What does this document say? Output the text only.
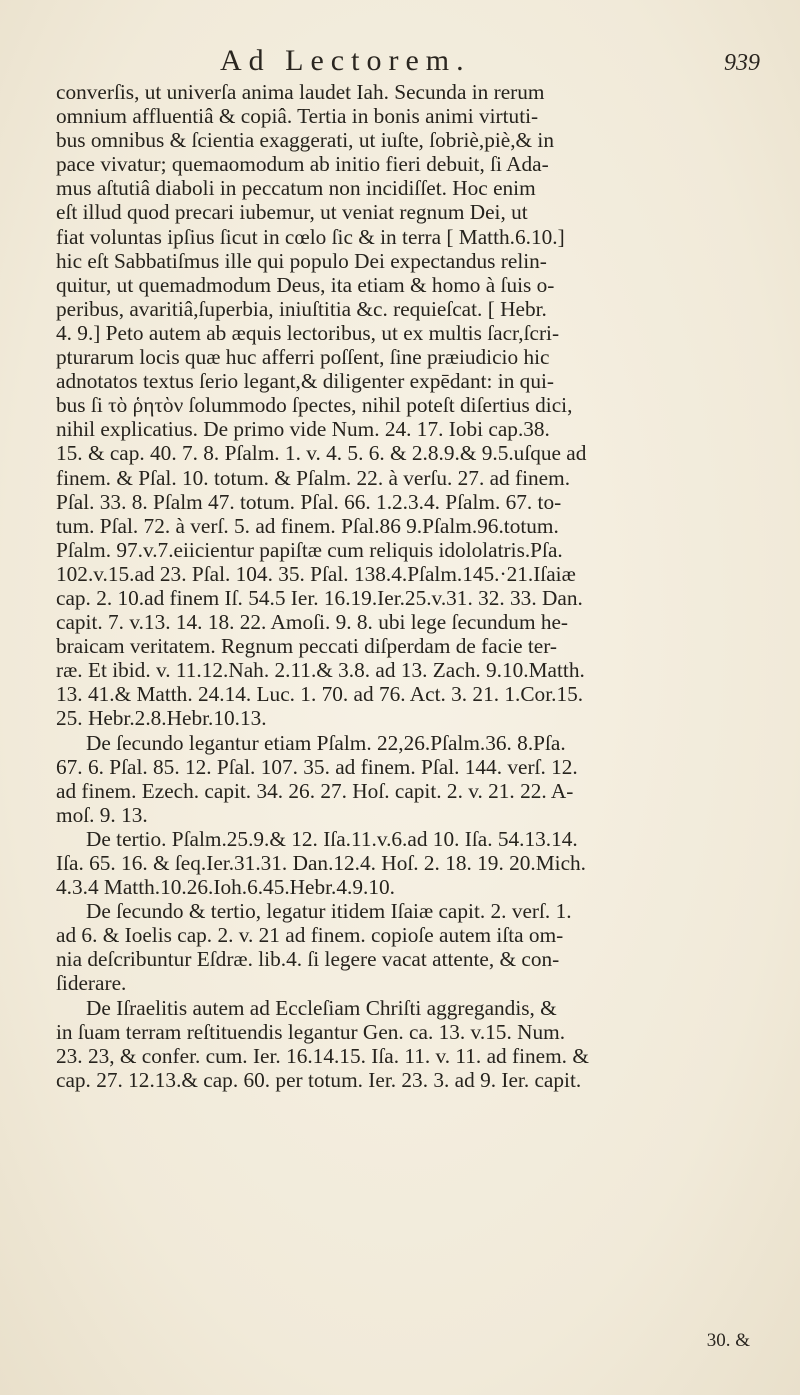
Ad Lectorem.	939
converſis, ut univerſa anima laudet Iah. Secunda in rerum
omnium affluentiâ & copiâ. Tertia in bonis animi virtuti-
bus omnibus & ſcientia exaggerati, ut iuſte, ſobriè,piè,& in
pace vivatur; quemaomodum ab initio fieri debuit, ſi Ada-
mus aſtutiâ diaboli in peccatum non incidiſſet. Hoc enim
eſt illud quod precari iubemur, ut veniat regnum Dei, ut
fiat voluntas ipſius ſicut in cœlo ſic & in terra [ Matth.6.10.]
hic eſt Sabbatiſmus ille qui populo Dei expectandus relin-
quitur, ut quemadmodum Deus, ita etiam & homo à ſuis o-
peribus, avaritiâ,ſuperbia, iniuſtitia &c. requieſcat. [ Hebr.
4. 9.] Peto autem ab æquis lectoribus, ut ex multis ſacr,ſcri-
pturarum locis quæ huc afferri poſſent, ſine præiudicio hic
adnotatos textus ſerio legant,& diligenter expēdant: in qui-
bus ſi τὸ ῥητὸν ſolummodo ſpectes, nihil poteſt diſertius dici,
nihil explicatius. De primo vide Num. 24. 17. Iobi cap.38.
15. & cap. 40. 7. 8. Pſalm. 1. v. 4. 5. 6. & 2.8.9.& 9.5.uſque ad
finem. & Pſal. 10. totum. & Pſalm. 22. à verſu. 27. ad finem.
Pſal. 33. 8. Pſalm 47. totum. Pſal. 66. 1.2.3.4. Pſalm. 67. to-
tum. Pſal. 72. à verſ. 5. ad finem. Pſal.86 9.Pſalm.96.totum.
Pſalm. 97.v.7.eiicientur papiſtæ cum reliquis idololatris.Pſa.
102.v.15.ad 23. Pſal. 104. 35. Pſal. 138.4.Pſalm.145.·21.Iſaiæ
cap. 2. 10.ad finem Iſ. 54.5 Ier. 16.19.Ier.25.v.31. 32. 33. Dan.
capit. 7. v.13. 14. 18. 22. Amoſi. 9. 8. ubi lege ſecundum he-
braicam veritatem. Regnum peccati diſperdam de facie ter-
ræ. Et ibid. v. 11.12.Nah. 2.11.& 3.8. ad 13. Zach. 9.10.Matth.
13. 41.& Matth. 24.14. Luc. 1. 70. ad 76. Act. 3. 21. 1.Cor.15.
25. Hebr.2.8.Hebr.10.13.
De ſecundo legantur etiam Pſalm. 22,26.Pſalm.36. 8.Pſa.
67. 6. Pſal. 85. 12. Pſal. 107. 35. ad finem. Pſal. 144. verſ. 12.
ad finem. Ezech. capit. 34. 26. 27. Hoſ. capit. 2. v. 21. 22. A-
moſ. 9. 13.
De tertio. Pſalm.25.9.& 12. Iſa.11.v.6.ad 10. Iſa. 54.13.14.
Iſa. 65. 16. & ſeq.Ier.31.31. Dan.12.4. Hoſ. 2. 18. 19. 20.Mich.
4.3.4 Matth.10.26.Ioh.6.45.Hebr.4.9.10.
De ſecundo & tertio, legatur itidem Iſaiæ capit. 2. verſ. 1.
ad 6. & Ioelis cap. 2. v. 21 ad finem. copioſe autem iſta om-
nia deſcribuntur Eſdræ. lib.4. ſi legere vacat attente, & con-
ſiderare.
De Iſraelitis autem ad Eccleſiam Chriſti aggregandis, &
in ſuam terram reſtituendis legantur Gen. ca. 13. v.15. Num.
23. 23, & confer. cum. Ier. 16.14.15. Iſa. 11. v. 11. ad finem. &
cap. 27. 12.13.& cap. 60. per totum. Ier. 23. 3. ad 9. Ier. capit.
30. &
